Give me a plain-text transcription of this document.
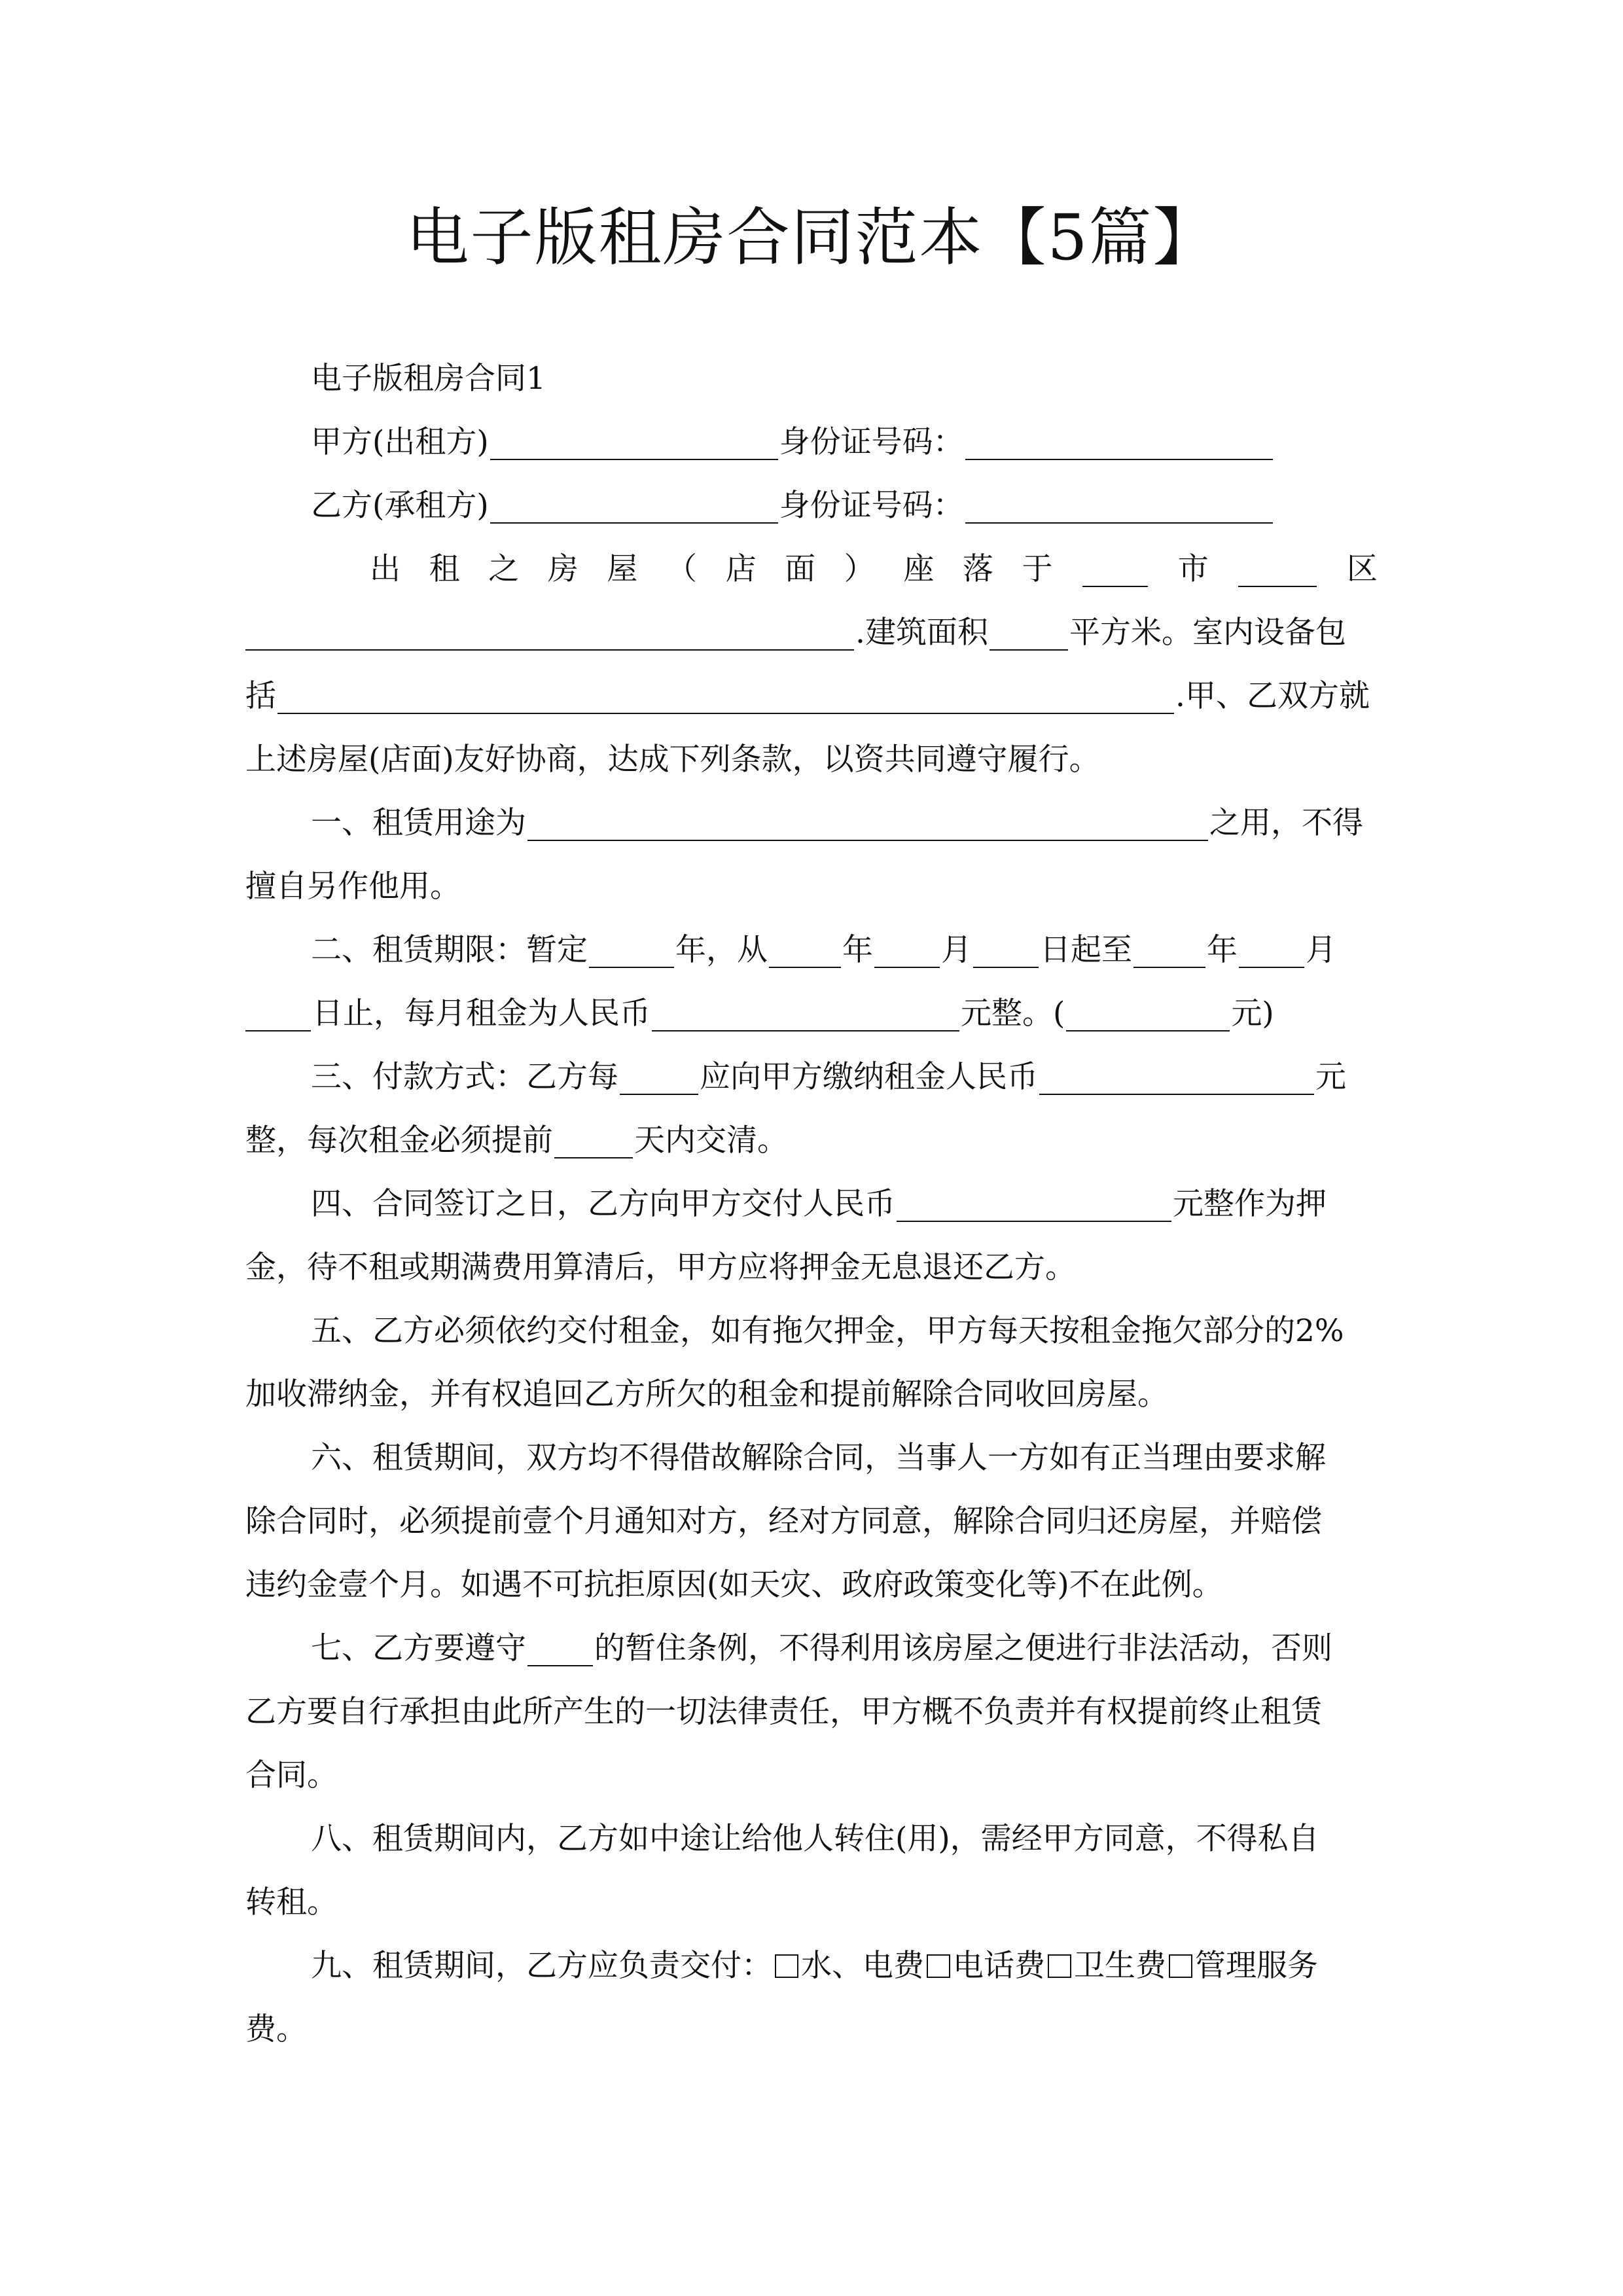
电子版租房合同范本【5篇】
电子版租房合同1
甲方(出租方)	身份证号码：
乙方(承租方)	身份证号码：
出 租 之 房 屋 （ 店 面 ） 座 落 于	市	区
.建筑面积	平方米。室内设备包
括	.甲、乙双方就
上述房屋(店面)友好协商，达成下列条款，以资共同遵守履行。
一、租赁用途为	之用，不得
擅自另作他用。
二、租赁期限：暂定	年，从 年 月 日起至 年 月
日止，每月租金为人民币	元整。(	元)
三、付款方式：乙方每	应向甲方缴纳租金人民币	元
整，每次租金必须提前	天内交清。
四、合同签订之日，乙方向甲方交付人民币	元整作为押
金，待不租或期满费用算清后，甲方应将押金无息退还乙方。
五、乙方必须依约交付租金，如有拖欠押金，甲方每天按租金拖欠部分的2%
加收滞纳金，并有权追回乙方所欠的租金和提前解除合同收回房屋。
六、租赁期间，双方均不得借故解除合同，当事人一方如有正当理由要求解
除合同时，必须提前壹个月通知对方，经对方同意，解除合同归还房屋，并赔偿
违约金壹个月。如遇不可抗拒原因(如天灾、政府政策变化等)不在此例。
七、乙方要遵守 的暂住条例，不得利用该房屋之便进行非法活动，否则
乙方要自行承担由此所产生的一切法律责任，甲方概不负责并有权提前终止租赁
合同。
八、租赁期间内，乙方如中途让给他人转住(用)，需经甲方同意，不得私自
转租。
九、租赁期间，乙方应负责交付： 水、电费 电话费 卫生费 管理服务
费。
